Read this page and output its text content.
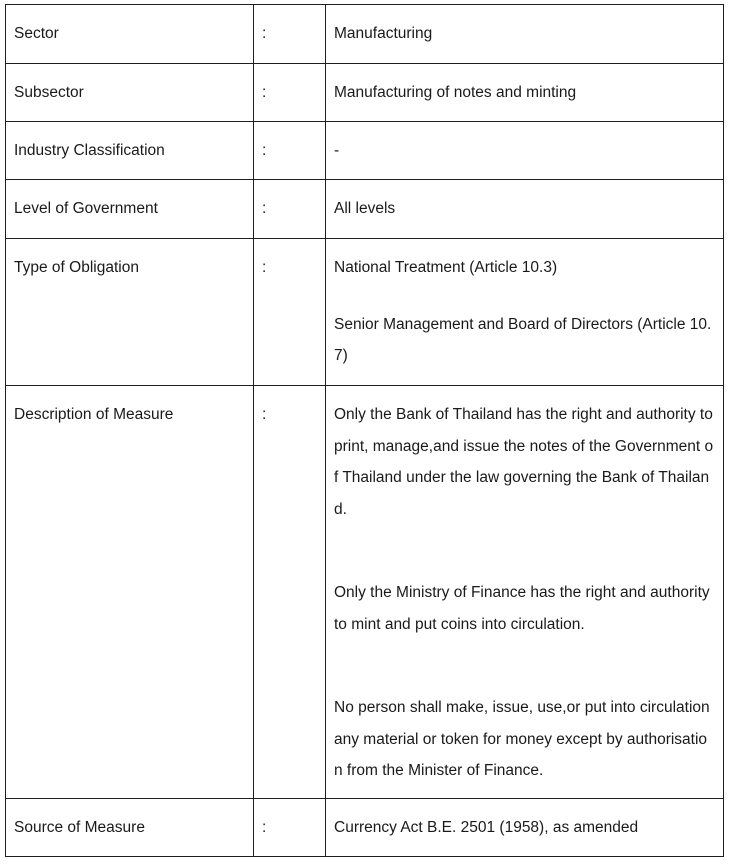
Sector	:	Manufacturing

Subsector	:	Manufacturing of notes and minting

Industry Classification	:	-

Level of Government	:	All levels

Type of Obligation	:	National Treatment (Article 10.3)
Senior Management and Board of Directors (Article 10.7)

Description of Measure	:	Only the Bank of Thailand has the right and authority to print, manage,and issue the notes of the Government of Thailand under the law governing the Bank of Thailand.
Only the Ministry of Finance has the right and authority to mint and put coins into circulation.
No person shall make, issue, use,or put into circulation any material or token for money except by authorisation from the Minister of Finance.

Source of Measure	:	Currency Act B.E. 2501 (1958), as amended
